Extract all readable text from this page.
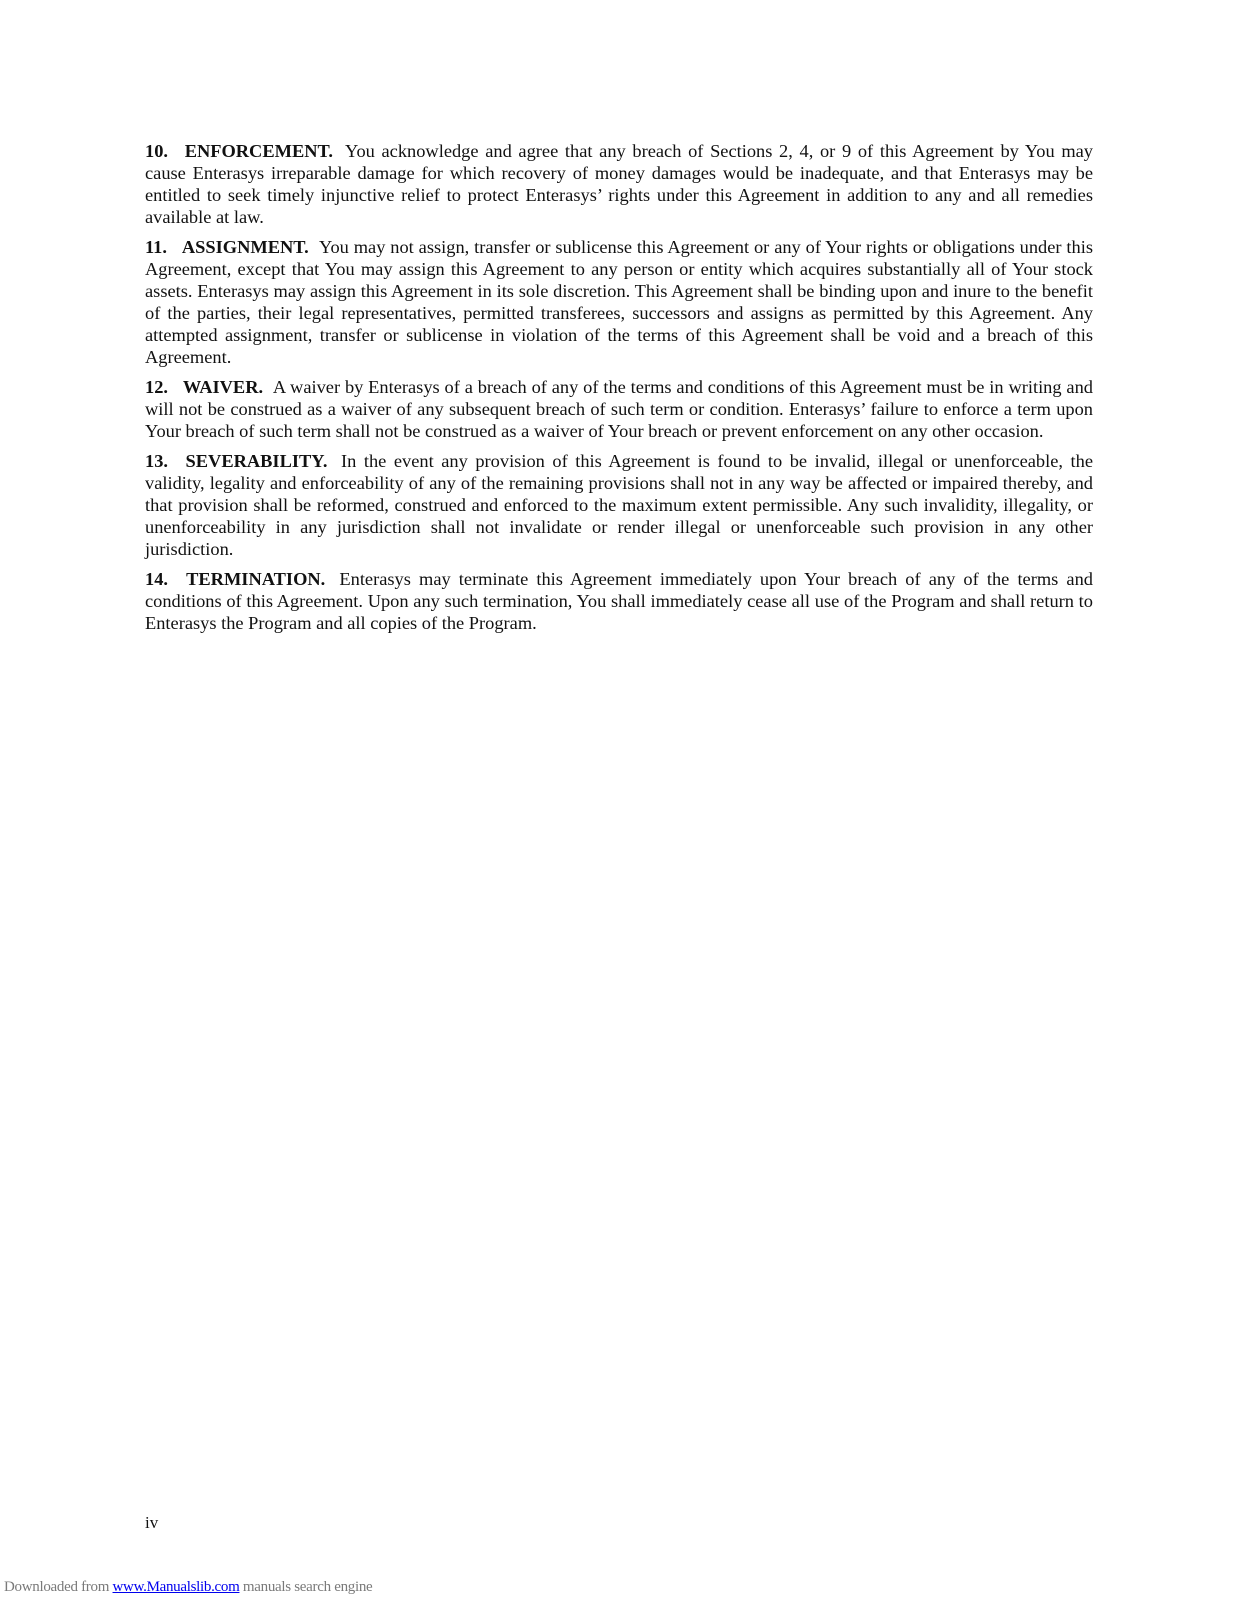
10. ENFORCEMENT. You acknowledge and agree that any breach of Sections 2, 4, or 9 of this Agreement by You may cause Enterasys irreparable damage for which recovery of money damages would be inadequate, and that Enterasys may be entitled to seek timely injunctive relief to protect Enterasys’ rights under this Agreement in addition to any and all remedies available at law.

11. ASSIGNMENT. You may not assign, transfer or sublicense this Agreement or any of Your rights or obligations under this Agreement, except that You may assign this Agreement to any person or entity which acquires substantially all of Your stock assets. Enterasys may assign this Agreement in its sole discretion. This Agreement shall be binding upon and inure to the benefit of the parties, their legal representatives, permitted transferees, successors and assigns as permitted by this Agreement. Any attempted assignment, transfer or sublicense in violation of the terms of this Agreement shall be void and a breach of this Agreement.

12. WAIVER. A waiver by Enterasys of a breach of any of the terms and conditions of this Agreement must be in writing and will not be construed as a waiver of any subsequent breach of such term or condition. Enterasys’ failure to enforce a term upon Your breach of such term shall not be construed as a waiver of Your breach or prevent enforcement on any other occasion.

13. SEVERABILITY. In the event any provision of this Agreement is found to be invalid, illegal or unenforceable, the validity, legality and enforceability of any of the remaining provisions shall not in any way be affected or impaired thereby, and that provision shall be reformed, construed and enforced to the maximum extent permissible. Any such invalidity, illegality, or unenforceability in any jurisdiction shall not invalidate or render illegal or unenforceable such provision in any other jurisdiction.

14. TERMINATION. Enterasys may terminate this Agreement immediately upon Your breach of any of the terms and conditions of this Agreement. Upon any such termination, You shall immediately cease all use of the Program and shall return to Enterasys the Program and all copies of the Program.

iv
Downloaded from www.Manualslib.com manuals search engine
